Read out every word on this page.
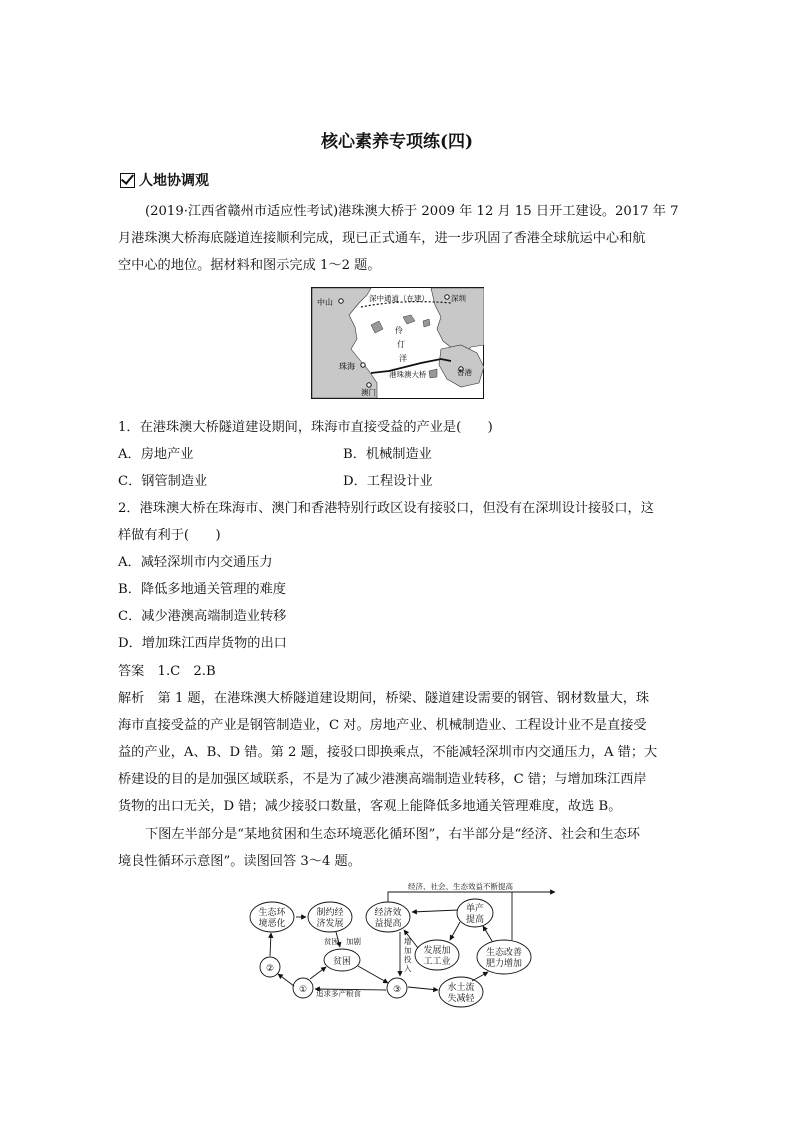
核心素养专项练(四)
人地协调观
(2019·江西省赣州市适应性考试)港珠澳大桥于 2009 年 12 月 15 日开工建设。2017 年 7
月港珠澳大桥海底隧道连接顺利完成，现已正式通车，进一步巩固了香港全球航运中心和航
空中心的地位。据材料和图示完成 1～2 题。
中山	深中通道（在建）	深圳
伶
仃
洋
珠海
香港
港珠澳大桥
澳门
1．在港珠澳大桥隧道建设期间，珠海市直接受益的产业是(　　)
A．房地产业	B．机械制造业
C．钢管制造业	D．工程设计业
2．港珠澳大桥在珠海市、澳门和香港特别行政区设有接驳口，但没有在深圳设计接驳口，这
样做有利于(　　)
A．减轻深圳市内交通压力
B．降低多地通关管理的难度
C．减少港澳高端制造业转移
D．增加珠江西岸货物的出口
答案　1.C　2.B
解析　第 1 题，在港珠澳大桥隧道建设期间，桥梁、隧道建设需要的钢管、钢材数量大，珠
海市直接受益的产业是钢管制造业，C 对。房地产业、机械制造业、工程设计业不是直接受
益的产业，A、B、D 错。第 2 题，接驳口即换乘点，不能减轻深圳市内交通压力，A 错；大
桥建设的目的是加强区域联系，不是为了减少港澳高端制造业转移，C 错；与增加珠江西岸
货物的出口无关，D 错；减少接驳口数量，客观上能降低多地通关管理难度，故选 B。
下图左半部分是“某地贫困和生态环境恶化循环图”，右半部分是“经济、社会和生态环
境良性循环示意图”。读图回答 3～4 题。
生态环
境恶化
制约经
济发展
贫困
②
①	③
经济效
益提高
单产
提高
发展加
工工业
生态改善
肥力增加
水土流
失减轻
贫困 加剧
追求多产粮食
经济、社会、生态效益不断提高
增
加
投
入
